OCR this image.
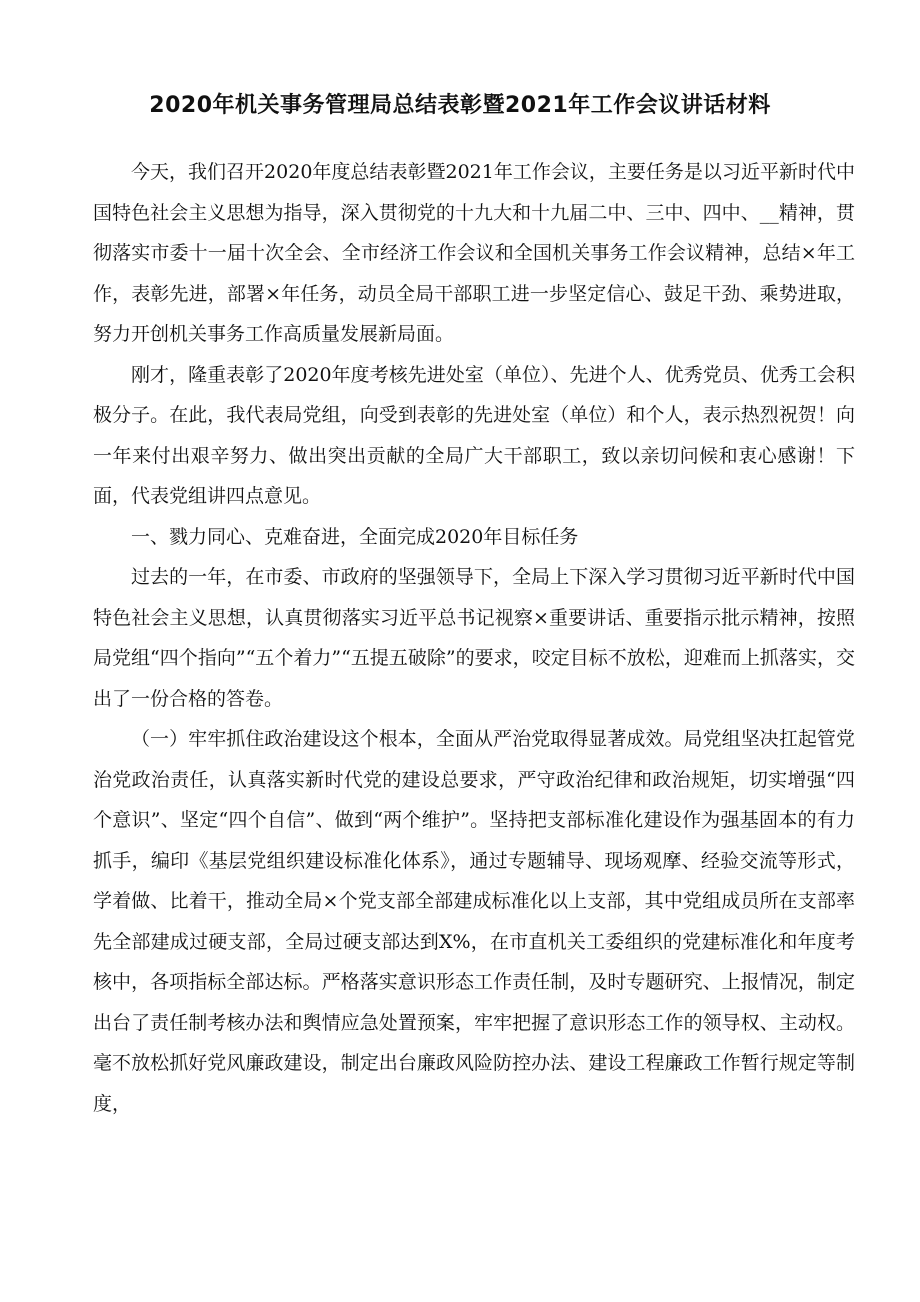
2020年机关事务管理局总结表彰暨2021年工作会议讲话材料

今天，我们召开2020年度总结表彰暨2021年工作会议，主要任务是以习近平新时代中国特色社会主义思想为指导，深入贯彻党的十九大和十九届二中、三中、四中、__精神，贯彻落实市委十一届十次全会、全市经济工作会议和全国机关事务工作会议精神，总结×年工作，表彰先进，部署×年任务，动员全局干部职工进一步坚定信心、鼓足干劲、乘势进取，努力开创机关事务工作高质量发展新局面。

刚才，隆重表彰了2020年度考核先进处室（单位）、先进个人、优秀党员、优秀工会积极分子。在此，我代表局党组，向受到表彰的先进处室（单位）和个人，表示热烈祝贺！向一年来付出艰辛努力、做出突出贡献的全局广大干部职工，致以亲切问候和衷心感谢！下面，代表党组讲四点意见。

一、戮力同心、克难奋进，全面完成2020年目标任务

过去的一年，在市委、市政府的坚强领导下，全局上下深入学习贯彻习近平新时代中国特色社会主义思想，认真贯彻落实习近平总书记视察×重要讲话、重要指示批示精神，按照局党组“四个指向”“五个着力”“五提五破除”的要求，咬定目标不放松，迎难而上抓落实，交出了一份合格的答卷。

（一）牢牢抓住政治建设这个根本，全面从严治党取得显著成效。局党组坚决扛起管党治党政治责任，认真落实新时代党的建设总要求，严守政治纪律和政治规矩，切实增强“四个意识”、坚定“四个自信”、做到“两个维护”。坚持把支部标准化建设作为强基固本的有力抓手，编印《基层党组织建设标准化体系》，通过专题辅导、现场观摩、经验交流等形式，学着做、比着干，推动全局×个党支部全部建成标准化以上支部，其中党组成员所在支部率先全部建成过硬支部，全局过硬支部达到X%，在市直机关工委组织的党建标准化和年度考核中，各项指标全部达标。严格落实意识形态工作责任制，及时专题研究、上报情况，制定出台了责任制考核办法和舆情应急处置预案，牢牢把握了意识形态工作的领导权、主动权。毫不放松抓好党风廉政建设，制定出台廉政风险防控办法、建设工程廉政工作暂行规定等制度，
